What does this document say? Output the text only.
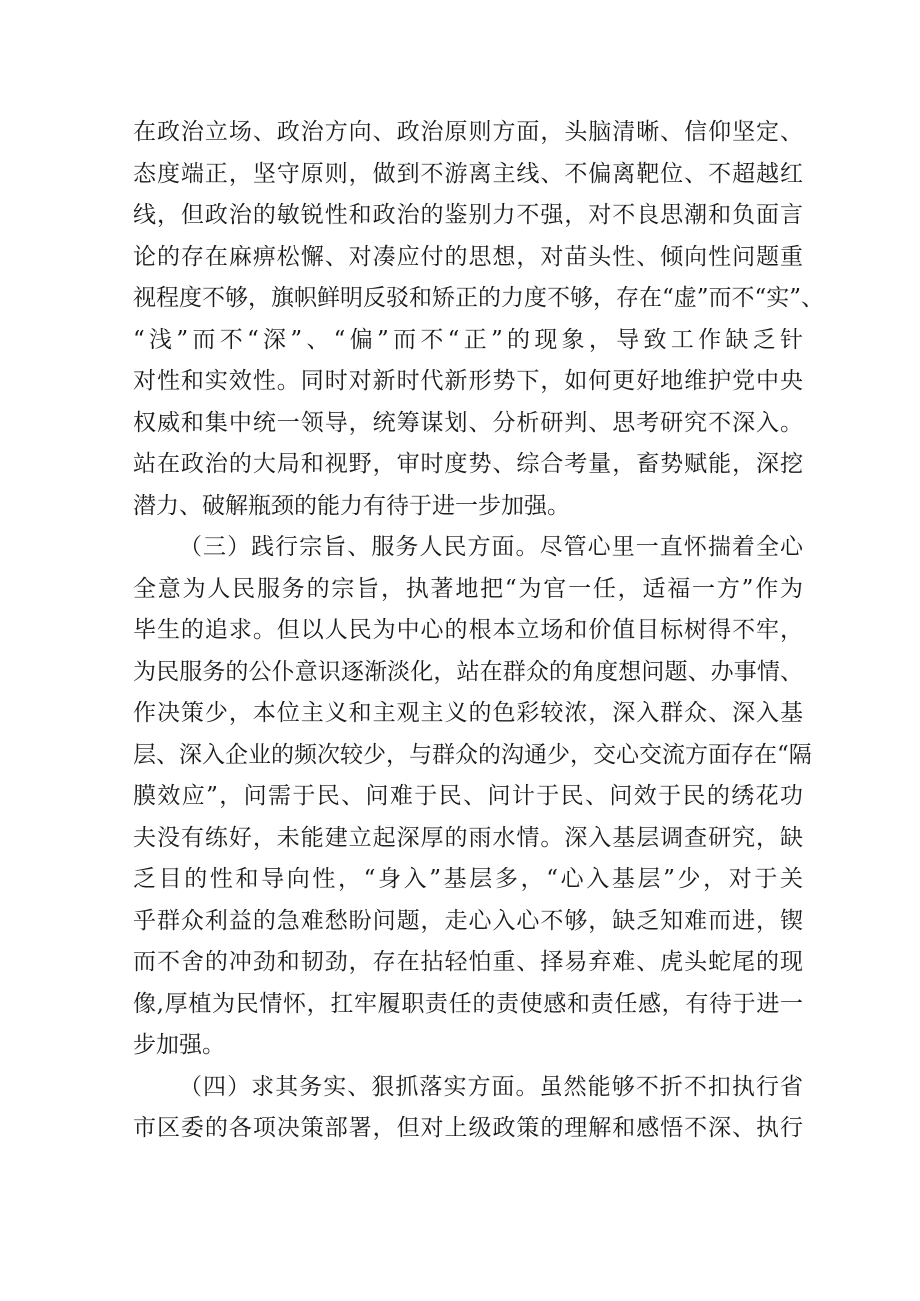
在政治立场、政治方向、政治原则方面，头脑清晰、信仰坚定、
态度端正，坚守原则，做到不游离主线、不偏离靶位、不超越红
线，但政治的敏锐性和政治的鉴别力不强，对不良思潮和负面言
论的存在麻痹松懈、对凑应付的思想，对苗头性、倾向性问题重
视程度不够，旗帜鲜明反驳和矫正的力度不够，存在“虚”而不“实”、
“浅”而不“深”、“偏”而不“正”的现象，导致工作缺乏针
对性和实效性。同时对新时代新形势下，如何更好地维护党中央
权威和集中统一领导，统筹谋划、分析研判、思考研究不深入。
站在政治的大局和视野，审时度势、综合考量，畜势赋能，深挖
潜力、破解瓶颈的能力有待于进一步加强。
（三）践行宗旨、服务人民方面。尽管心里一直怀揣着全心
全意为人民服务的宗旨，执著地把“为官一任，适福一方”作为
毕生的追求。但以人民为中心的根本立场和价值目标树得不牢，
为民服务的公仆意识逐渐淡化，站在群众的角度想问题、办事情、
作决策少，本位主义和主观主义的色彩较浓，深入群众、深入基
层、深入企业的频次较少，与群众的沟通少，交心交流方面存在“隔
膜效应”，问需于民、问难于民、问计于民、问效于民的绣花功
夫没有练好，未能建立起深厚的雨水情。深入基层调查研究，缺
乏目的性和导向性，“身入”基层多，“心入基层”少，对于关
乎群众利益的急难愁盼问题，走心入心不够，缺乏知难而进，锲
而不舍的冲劲和韧劲，存在拈轻怕重、择易弃难、虎头蛇尾的现
像,厚植为民情怀，扛牢履职责任的责使感和责任感，有待于进一
步加强。
（四）求其务实、狠抓落实方面。虽然能够不折不扣执行省
市区委的各项决策部署，但对上级政策的理解和感悟不深、执行
